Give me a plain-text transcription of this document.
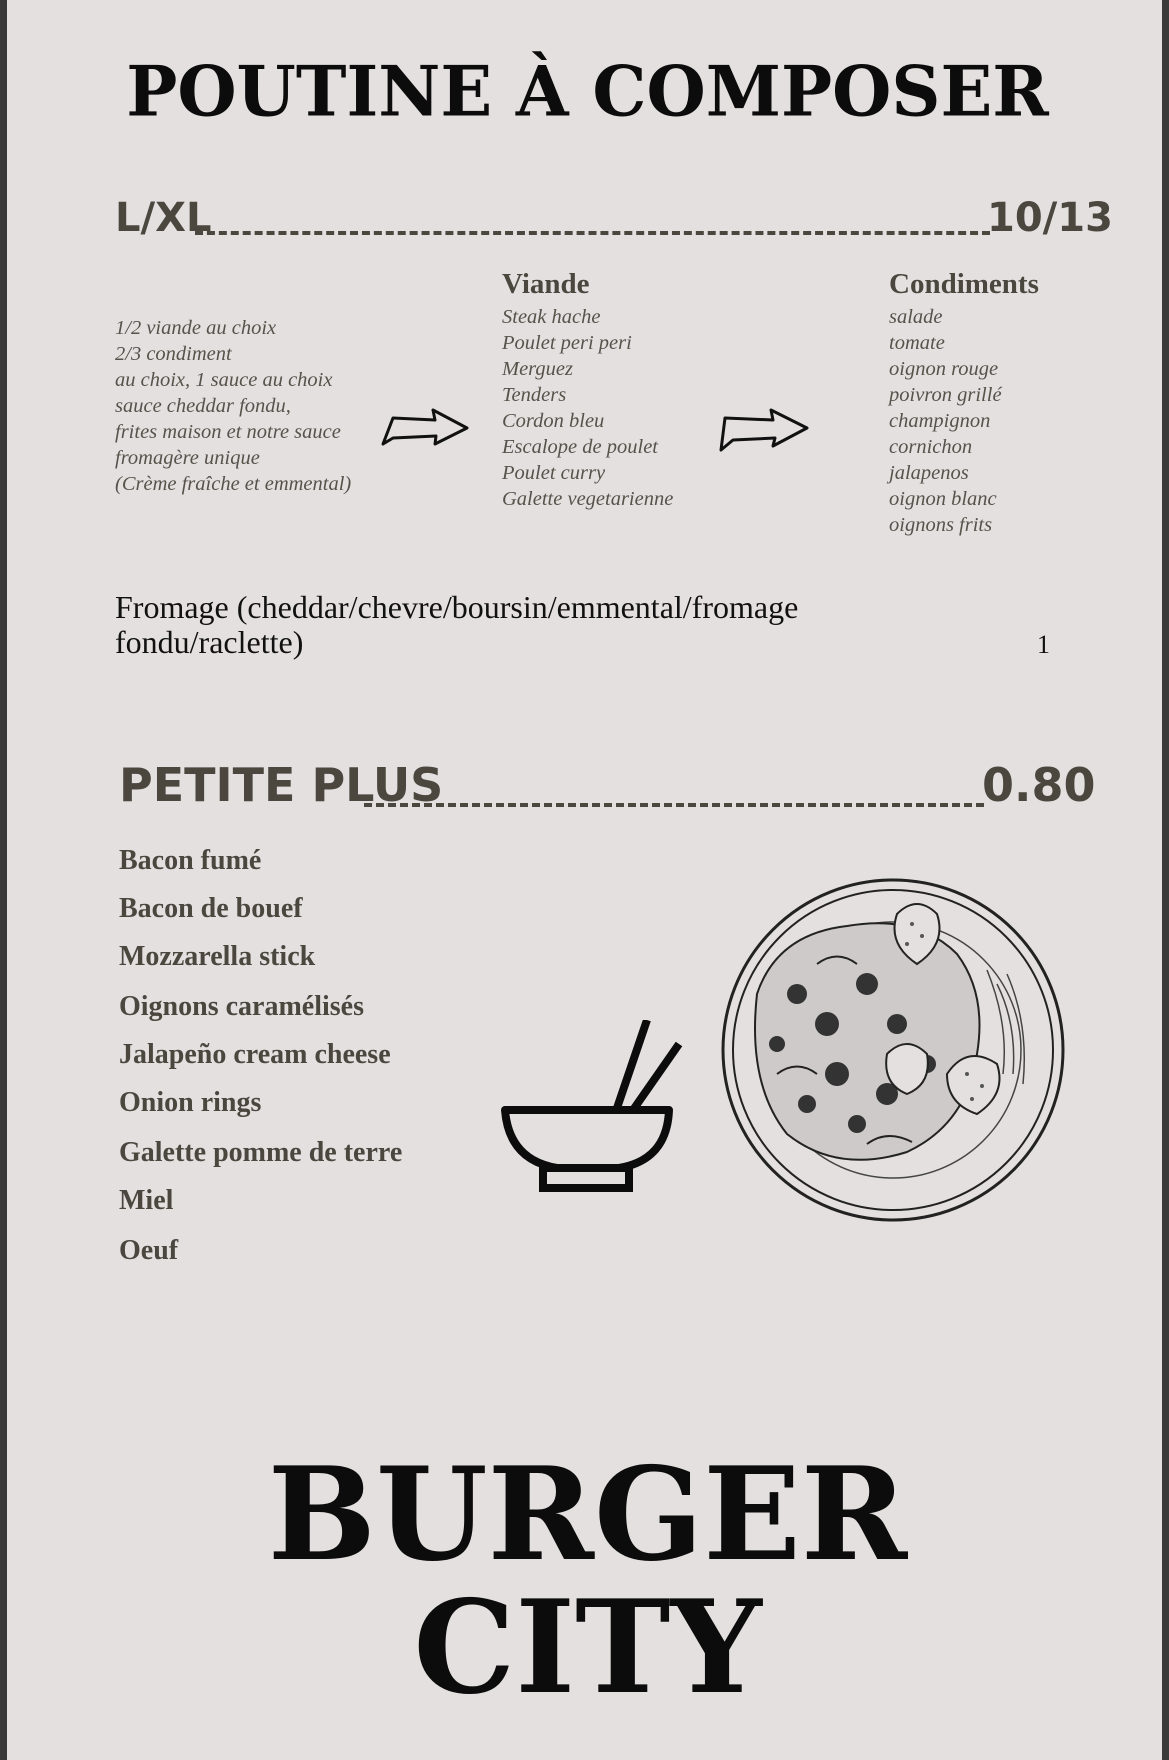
POUTINE À COMPOSER
L/XL	10/13
1/2 viande au choix
2/3 condiment
au choix, 1 sauce au choix
sauce cheddar fondu,
frites maison et notre sauce
fromagère unique
(Crème fraîche et emmental)
Viande
Steak hache
Poulet peri peri
Merguez
Tenders
Cordon bleu
Escalope de poulet
Poulet curry
Galette vegetarienne
Condiments
salade
tomate
oignon rouge
poivron grillé
champignon
cornichon
jalapenos
oignon blanc
oignons frits
Fromage (cheddar/chevre/boursin/emmental/fromage fondu/raclette)	1
PETITE PLUS	0.80
Bacon fumé
Bacon de bouef
Mozzarella stick
Oignons caramélisés
Jalapeño cream cheese
Onion rings
Galette pomme de terre
Miel
Oeuf
BURGER
CITY
